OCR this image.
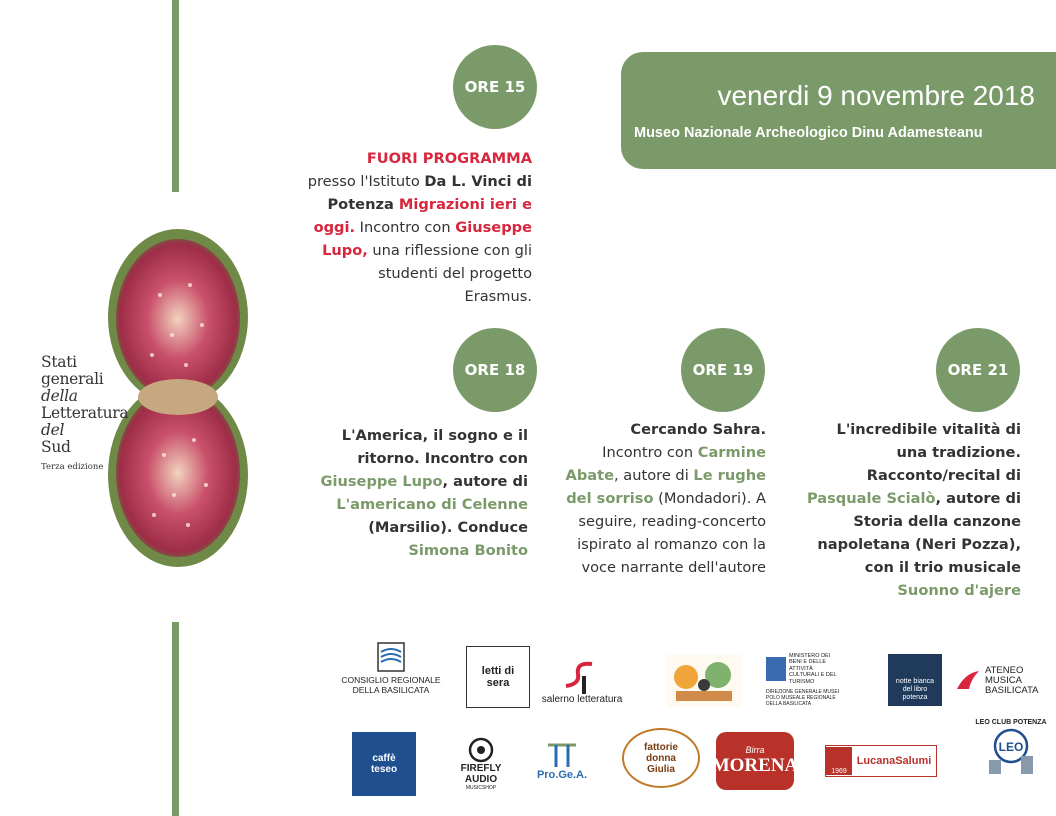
venerdi 9 novembre 2018
Museo Nazionale Archeologico Dinu Adamesteanu
Stati
generali
della
Letteratura
del
Sud
Terza edizione
ORE 15
ORE 18	ORE 19	ORE 21
FUORI PROGRAMMA
presso l'Istituto Da L. Vinci di Potenza Migrazioni ieri e oggi. Incontro con Giuseppe Lupo, una riflessione con gli studenti del progetto Erasmus.
L'America, il sogno e il ritorno. Incontro con Giuseppe Lupo, autore di L'americano di Celenne (Marsilio). Conduce Simona Bonito
Cercando Sahra.
Incontro con Carmine Abate, autore di Le rughe del sorriso (Mondadori). A seguire, reading-concerto ispirato al romanzo con la voce narrante dell'autore
L'incredibile vitalità di una tradizione. Racconto/recital di Pasquale Scialò, autore di Storia della canzone napoletana (Neri Pozza), con il trio musicale Suonno d'ajere
CONSIGLIO REGIONALE DELLA BASILICATA
letti di sera
salerno letteratura
MINISTERO DEI BENI E DELLE ATTIVITÀ CULTURALI E DEL TURISMO
DIREZIONE GENERALE MUSEI POLO MUSEALE REGIONALE DELLA BASILICATA
notte bianca del libro potenza
ATENEO MUSICA BASILICATA
caffè teseo	FIREFLY AUDIO
MUSICSHOP
Pro.Ge.A.
fattorie donna Giulia
Birra
MORENA	1969
LucanaSalumi
LEO CLUB POTENZA
LEO
